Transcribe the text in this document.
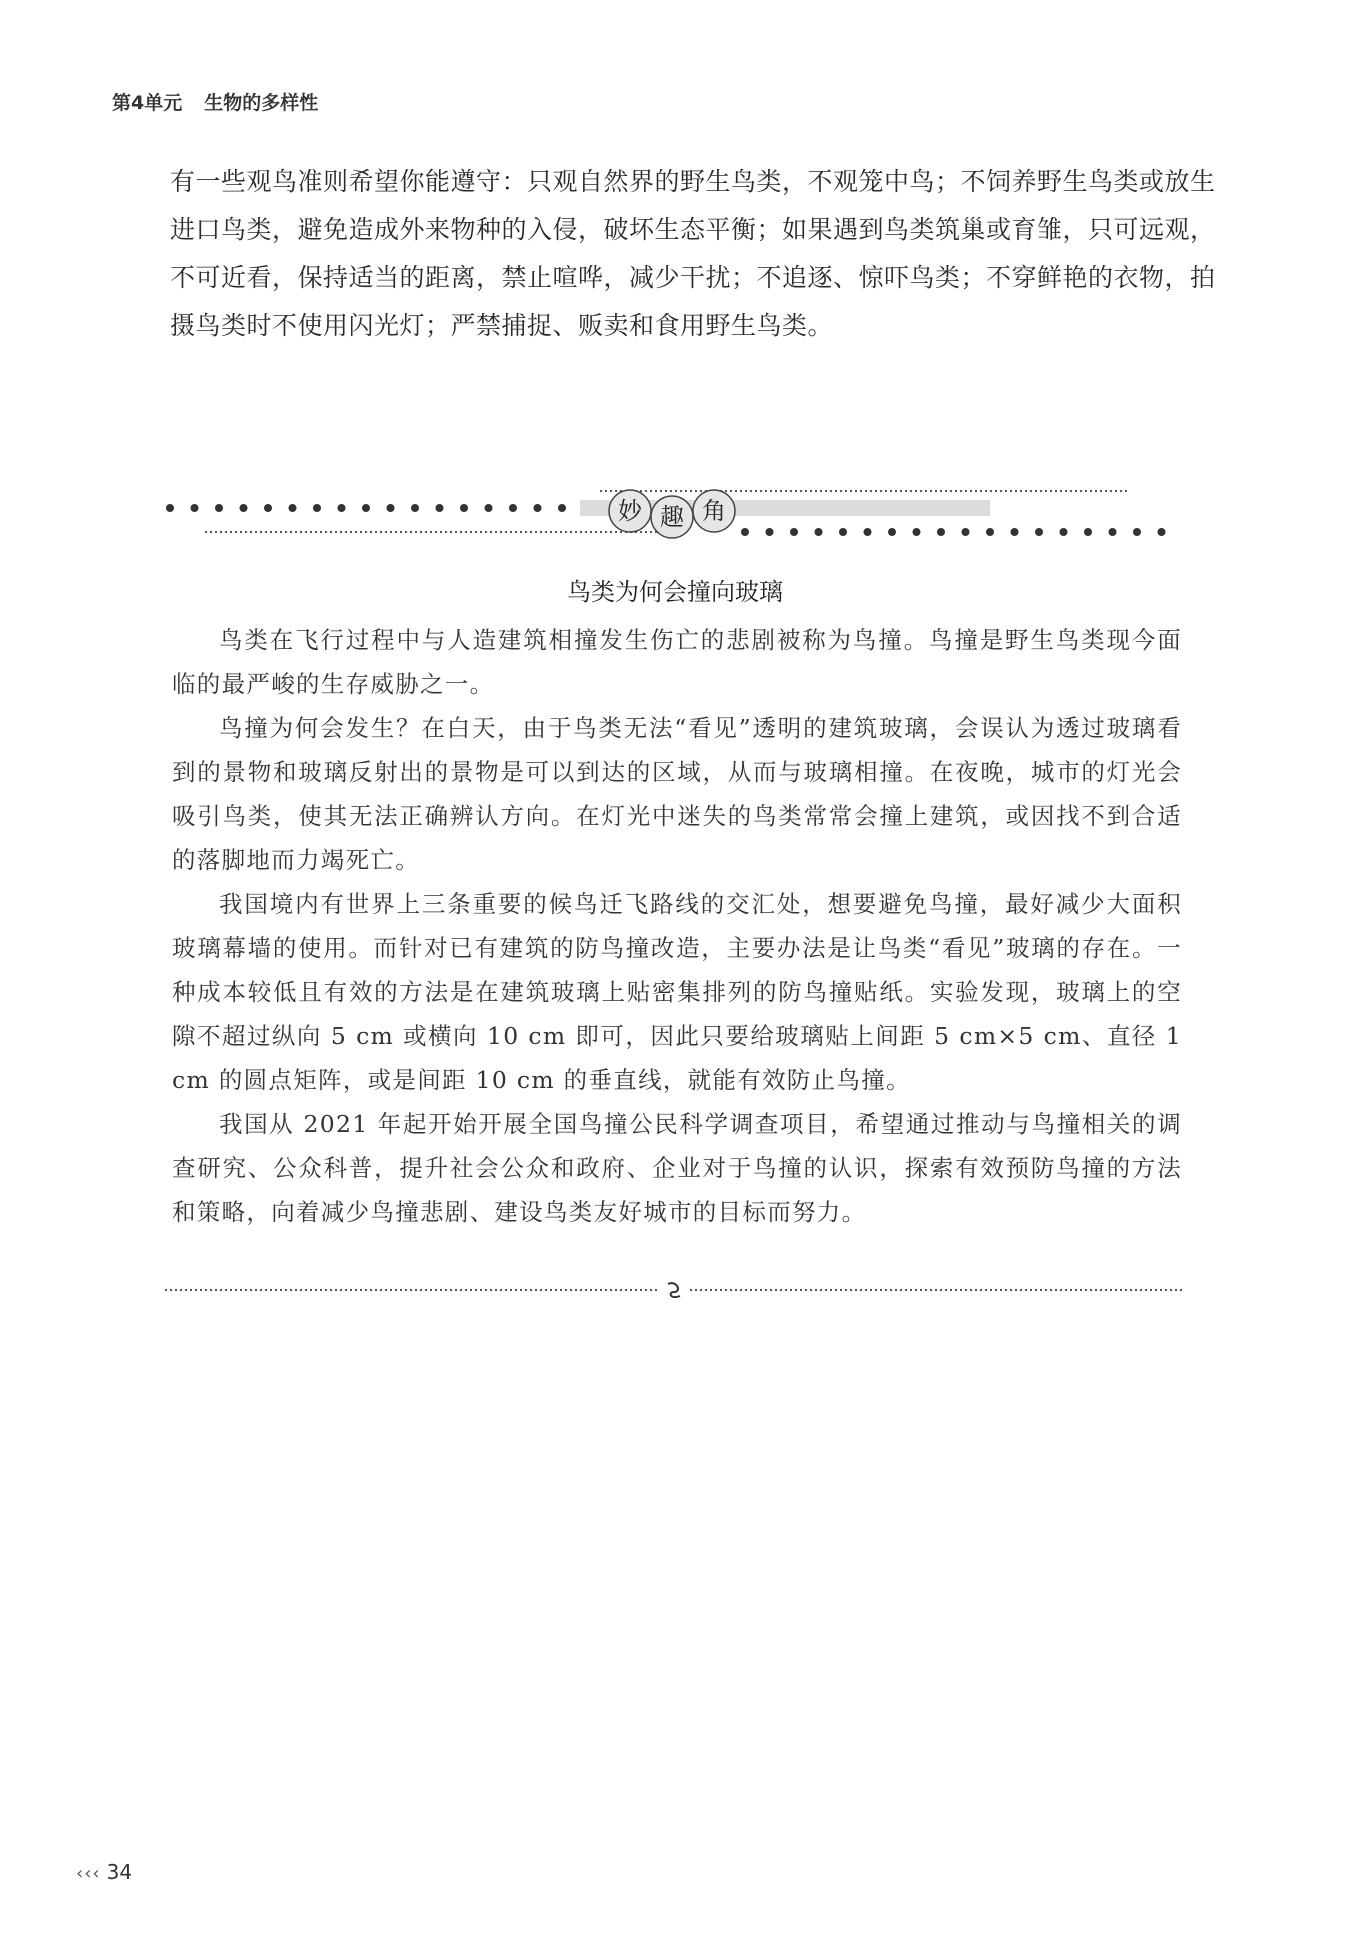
第4单元 生物的多样性

有一些观鸟准则希望你能遵守：只观自然界的野生鸟类，不观笼中鸟；不饲养野生鸟类或放生进口鸟类，避免造成外来物种的入侵，破坏生态平衡；如果遇到鸟类筑巢或育雏，只可远观，不可近看，保持适当的距离，禁止喧哗，减少干扰；不追逐、惊吓鸟类；不穿鲜艳的衣物，拍摄鸟类时不使用闪光灯；严禁捕捉、贩卖和食用野生鸟类。

妙 趣 角
鸟类为何会撞向玻璃

鸟类在飞行过程中与人造建筑相撞发生伤亡的悲剧被称为鸟撞。鸟撞是野生鸟类现今面临的最严峻的生存威胁之一。

鸟撞为何会发生？在白天，由于鸟类无法“看见”透明的建筑玻璃，会误认为透过玻璃看到的景物和玻璃反射出的景物是可以到达的区域，从而与玻璃相撞。在夜晚，城市的灯光会吸引鸟类，使其无法正确辨认方向。在灯光中迷失的鸟类常常会撞上建筑，或因找不到合适的落脚地而力竭死亡。

我国境内有世界上三条重要的候鸟迁飞路线的交汇处，想要避免鸟撞，最好减少大面积玻璃幕墙的使用。而针对已有建筑的防鸟撞改造，主要办法是让鸟类“看见”玻璃的存在。一种成本较低且有效的方法是在建筑玻璃上贴密集排列的防鸟撞贴纸。实验发现，玻璃上的空隙不超过纵向 5 cm 或横向 10 cm 即可，因此只要给玻璃贴上间距 5 cm×5 cm、直径 1 cm 的圆点矩阵，或是间距 10 cm 的垂直线，就能有效防止鸟撞。

我国从 2021 年起开始开展全国鸟撞公民科学调查项目，希望通过推动与鸟撞相关的调查研究、公众科普，提升社会公众和政府、企业对于鸟撞的认识，探索有效预防鸟撞的方法和策略，向着减少鸟撞悲剧、建设鸟类友好城市的目标而努力。

‹‹‹ 34
